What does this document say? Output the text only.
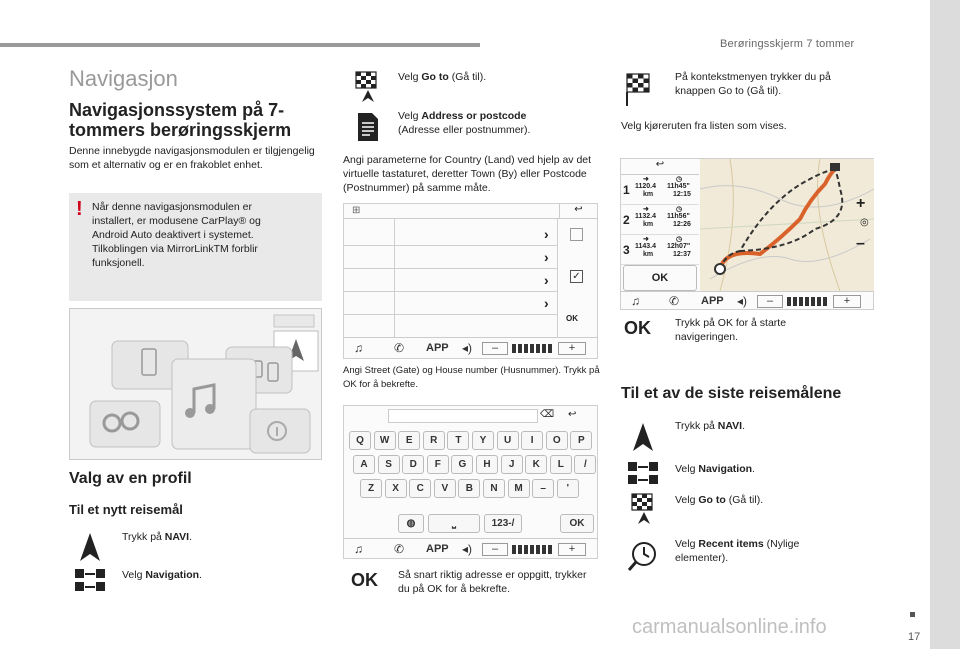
Berøringsskjerm 7 tommer
17
carmanualsonline.info
Navigasjon
Navigasjonssystem på 7-tommers berøringsskjerm
Denne innebygde navigasjonsmodulen er tilgjengelig som et alternativ og er en frakoblet enhet.
! Når denne navigasjonsmodulen er installert, er modusene CarPlay® og Android Auto deaktivert i systemet. Tilkoblingen via MirrorLinkTM forblir funksjonell.
Valg av en profil
Til et nytt reisemål
Trykk på NAVI.
Velg Navigation.
Velg Go to (Gå til).
Velg Address or postcode
(Adresse eller postnummer).
Angi parameterne for Country (Land) ved hjelp av det virtuelle tastaturet, deretter Town (By) eller Postcode (Postnummer) på samme måte.
↩
⊞
›
›
›
›
✓
OK
♫	✆ APP ◂)	–	+
Angi Street (Gate) og House number (Husnummer). Trykk på OK for å bekrefte.
⌫ ↩
Q	W	E	R	T	Y	U	I	O	P
A	S	D	F	G	H	J	K	L	/
Z	X	C	V	B	N	M	–	'
◍	⎵	123-/	OK
♫	✆ APP ◂)	–	+
OK Så snart riktig adresse er oppgitt, trykker du på OK for å bekrefte.
På kontekstmenyen trykker du på knappen Go to (Gå til).
Velg kjøreruten fra listen som vises.
↩
➜	◷
1 1120.4
km
11h45"
12:15
➜	◷
2 1132.4
km
11h56"
12:26
➜	◷
3 1143.4
km
12h07"
12:37
OK
+
◎
–
♫ ✆ APP ◂)	–	+
OK Trykk på OK for å starte navigeringen.
Til et av de siste reisemålene
Trykk på NAVI.
Velg Navigation.
Velg Go to (Gå til).
Velg Recent items (Nylige elementer).
